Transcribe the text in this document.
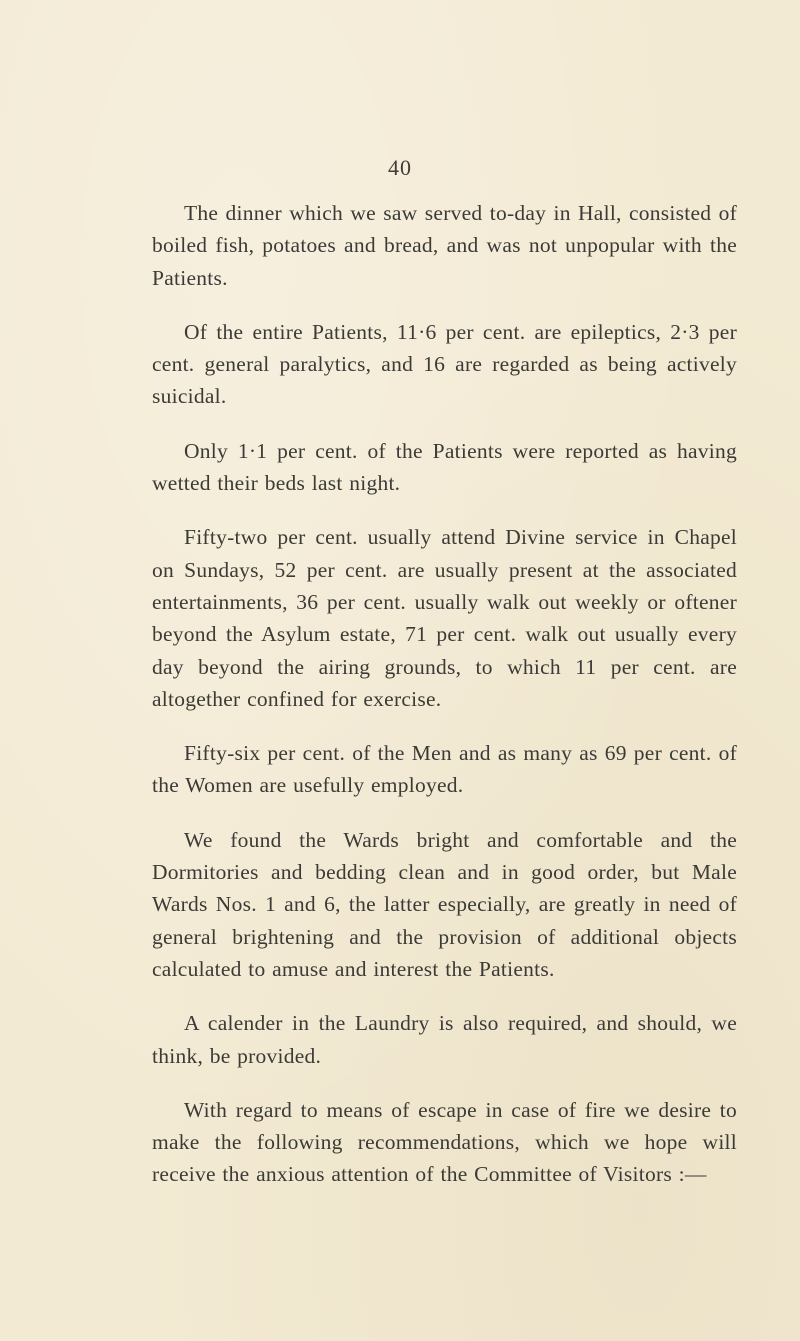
40

The dinner which we saw served to-day in Hall, consisted of boiled fish, potatoes and bread, and was not unpopular with the Patients.

Of the entire Patients, 11·6 per cent. are epileptics, 2·3 per cent. general paralytics, and 16 are regarded as being actively suicidal.

Only 1·1 per cent. of the Patients were reported as having wetted their beds last night.

Fifty-two per cent. usually attend Divine service in Chapel on Sundays, 52 per cent. are usually present at the associated entertainments, 36 per cent. usually walk out weekly or oftener beyond the Asylum estate, 71 per cent. walk out usually every day beyond the airing grounds, to which 11 per cent. are altogether confined for exercise.

Fifty-six per cent. of the Men and as many as 69 per cent. of the Women are usefully employed.

We found the Wards bright and comfortable and the Dormitories and bedding clean and in good order, but Male Wards Nos. 1 and 6, the latter especially, are greatly in need of general brightening and the provision of additional objects calculated to amuse and interest the Patients.

A calender in the Laundry is also required, and should, we think, be provided.

With regard to means of escape in case of fire we desire to make the following recommendations, which we hope will receive the anxious attention of the Committee of Visitors :—
